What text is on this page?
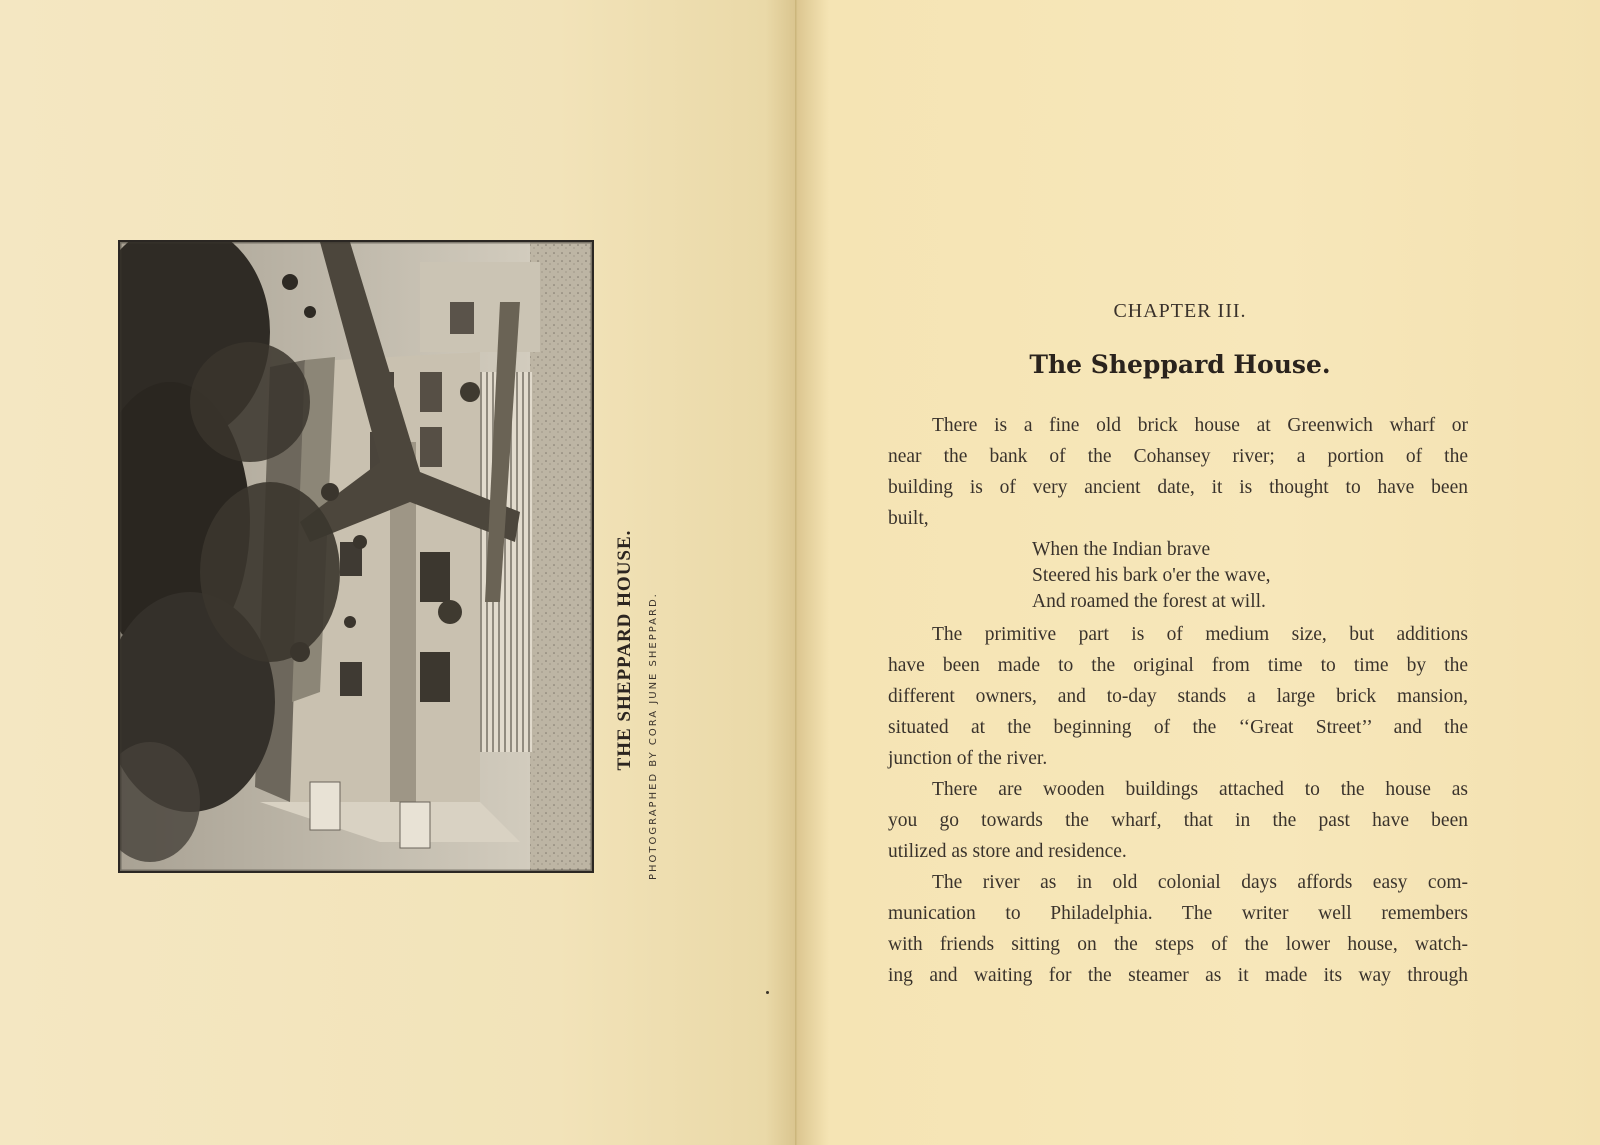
THE SHEPPARD HOUSE. PHOTOGRAPHED BY CORA JUNE SHEPPARD.
CHAPTER III.
The Sheppard House.
There is a fine old brick house at Greenwich wharf or
near the bank of the Cohansey river; a portion of the
building is of very ancient date, it is thought to have been
built,
When the Indian brave
Steered his bark o'er the wave,
And roamed the forest at will.
The primitive part is of medium size, but additions
have been made to the original from time to time by the
different owners, and to-day stands a large brick mansion,
situated at the beginning of the ‘‘Great Street’’ and the
junction of the river.
There are wooden buildings attached to the house as
you go towards the wharf, that in the past have been
utilized as store and residence.
The river as in old colonial days affords easy com-
munication to Philadelphia. The writer well remembers
with friends sitting on the steps of the lower house, watch-
ing and waiting for the steamer as it made its way through
